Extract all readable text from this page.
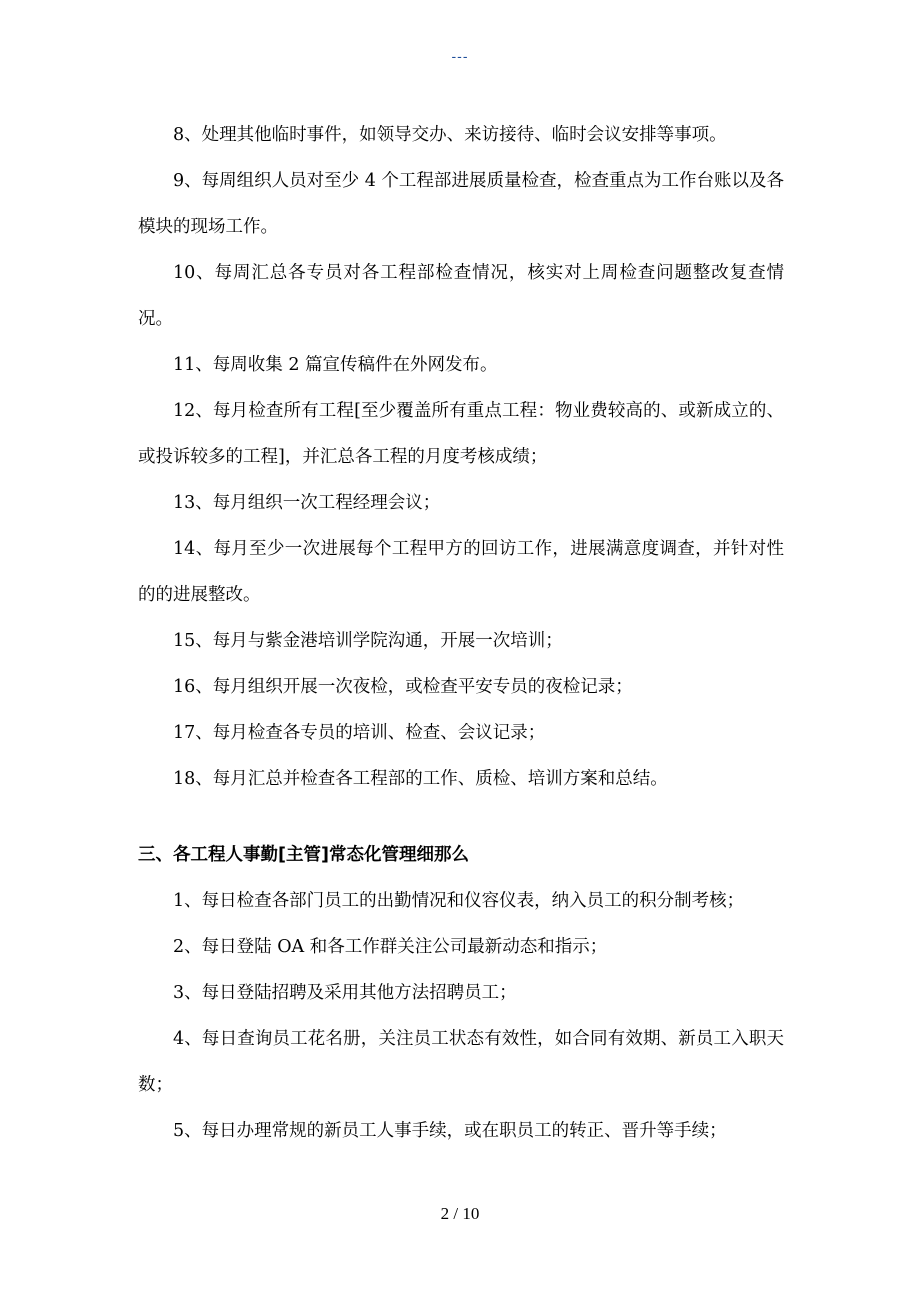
---

8、处理其他临时事件，如领导交办、来访接待、临时会议安排等事项。

9、每周组织人员对至少 4 个工程部进展质量检查，检查重点为工作台账以及各模块的现场工作。

10、每周汇总各专员对各工程部检查情况，核实对上周检查问题整改复查情况。

11、每周收集 2 篇宣传稿件在外网发布。

12、每月检查所有工程[至少覆盖所有重点工程：物业费较高的、或新成立的、或投诉较多的工程]，并汇总各工程的月度考核成绩；

13、每月组织一次工程经理会议；

14、每月至少一次进展每个工程甲方的回访工作，进展满意度调查，并针对性的的进展整改。

15、每月与紫金港培训学院沟通，开展一次培训；

16、每月组织开展一次夜检，或检查平安专员的夜检记录；

17、每月检查各专员的培训、检查、会议记录；

18、每月汇总并检查各工程部的工作、质检、培训方案和总结。

三、各工程人事勤[主管]常态化管理细那么

1、每日检查各部门员工的出勤情况和仪容仪表，纳入员工的积分制考核；

2、每日登陆 OA 和各工作群关注公司最新动态和指示；

3、每日登陆招聘及采用其他方法招聘员工；

4、每日查询员工花名册，关注员工状态有效性，如合同有效期、新员工入职天数；

5、每日办理常规的新员工人事手续，或在职员工的转正、晋升等手续；

2 / 10
